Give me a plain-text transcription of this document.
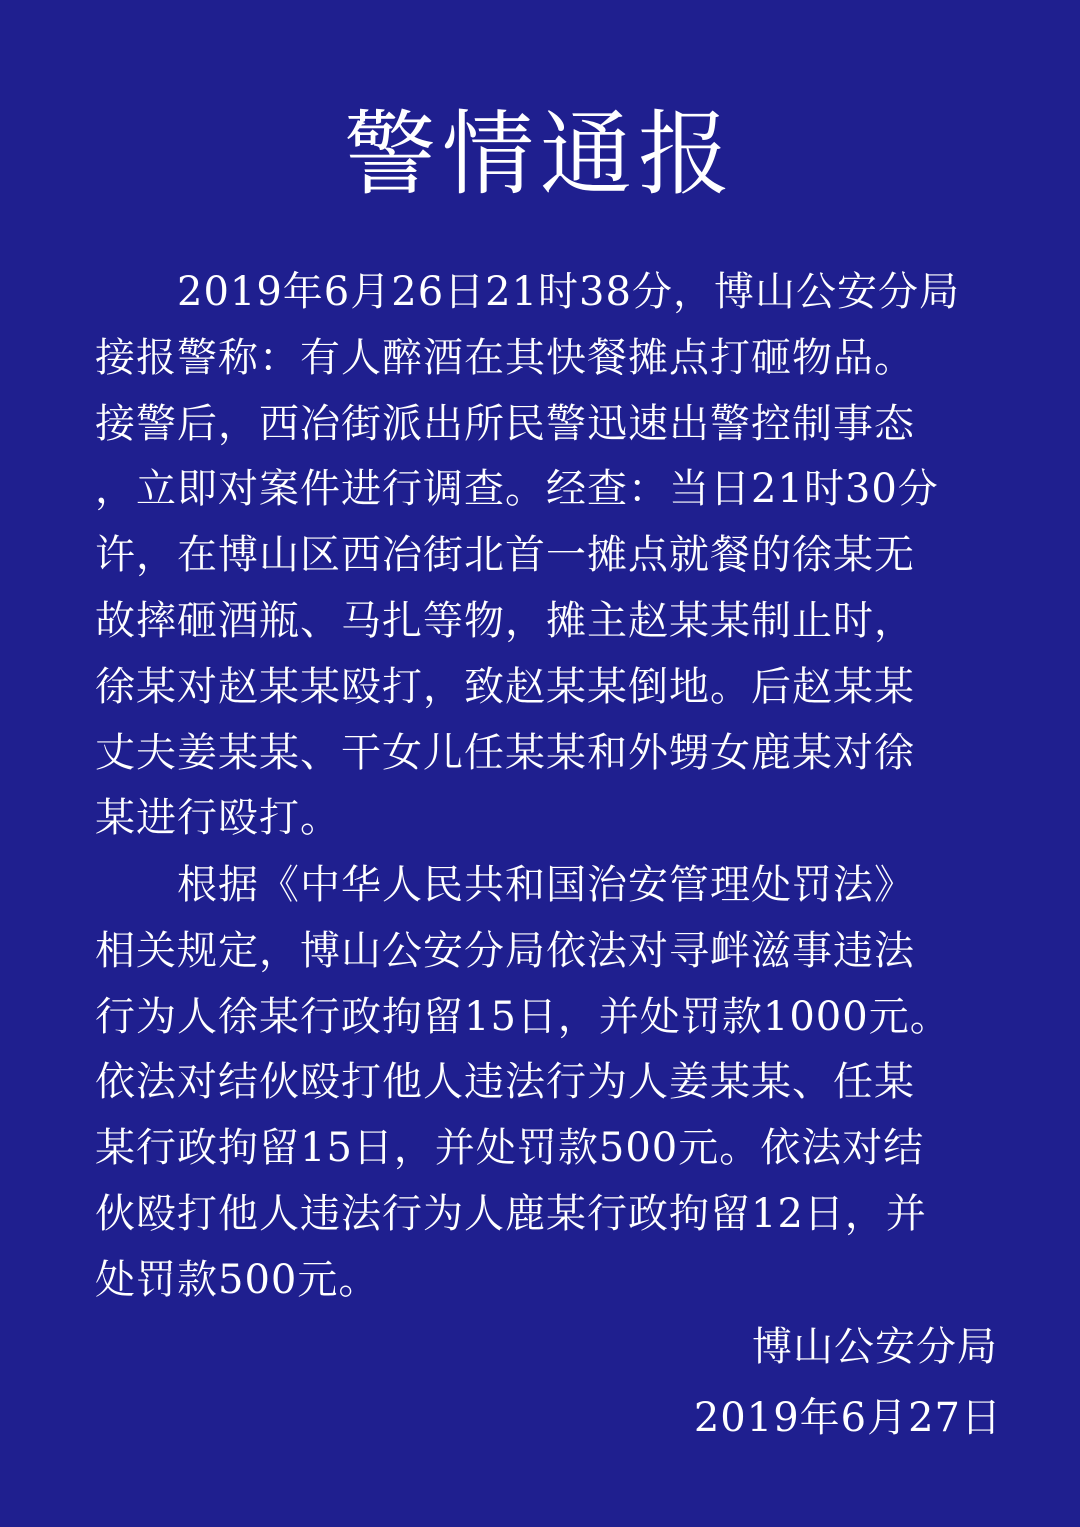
警情通报
　　2019年6月26日21时38分，博山公安分局
接报警称：有人醉酒在其快餐摊点打砸物品。
接警后，西冶街派出所民警迅速出警控制事态
，立即对案件进行调查。经查：当日21时30分
许，在博山区西冶街北首一摊点就餐的徐某无
故摔砸酒瓶、马扎等物，摊主赵某某制止时，
徐某对赵某某殴打，致赵某某倒地。后赵某某
丈夫姜某某、干女儿任某某和外甥女鹿某对徐
某进行殴打。
　　根据《中华人民共和国治安管理处罚法》
相关规定，博山公安分局依法对寻衅滋事违法
行为人徐某行政拘留15日，并处罚款1000元。
依法对结伙殴打他人违法行为人姜某某、任某
某行政拘留15日，并处罚款500元。依法对结
伙殴打他人违法行为人鹿某行政拘留12日，并
处罚款500元。
博山公安分局
2019年6月27日
